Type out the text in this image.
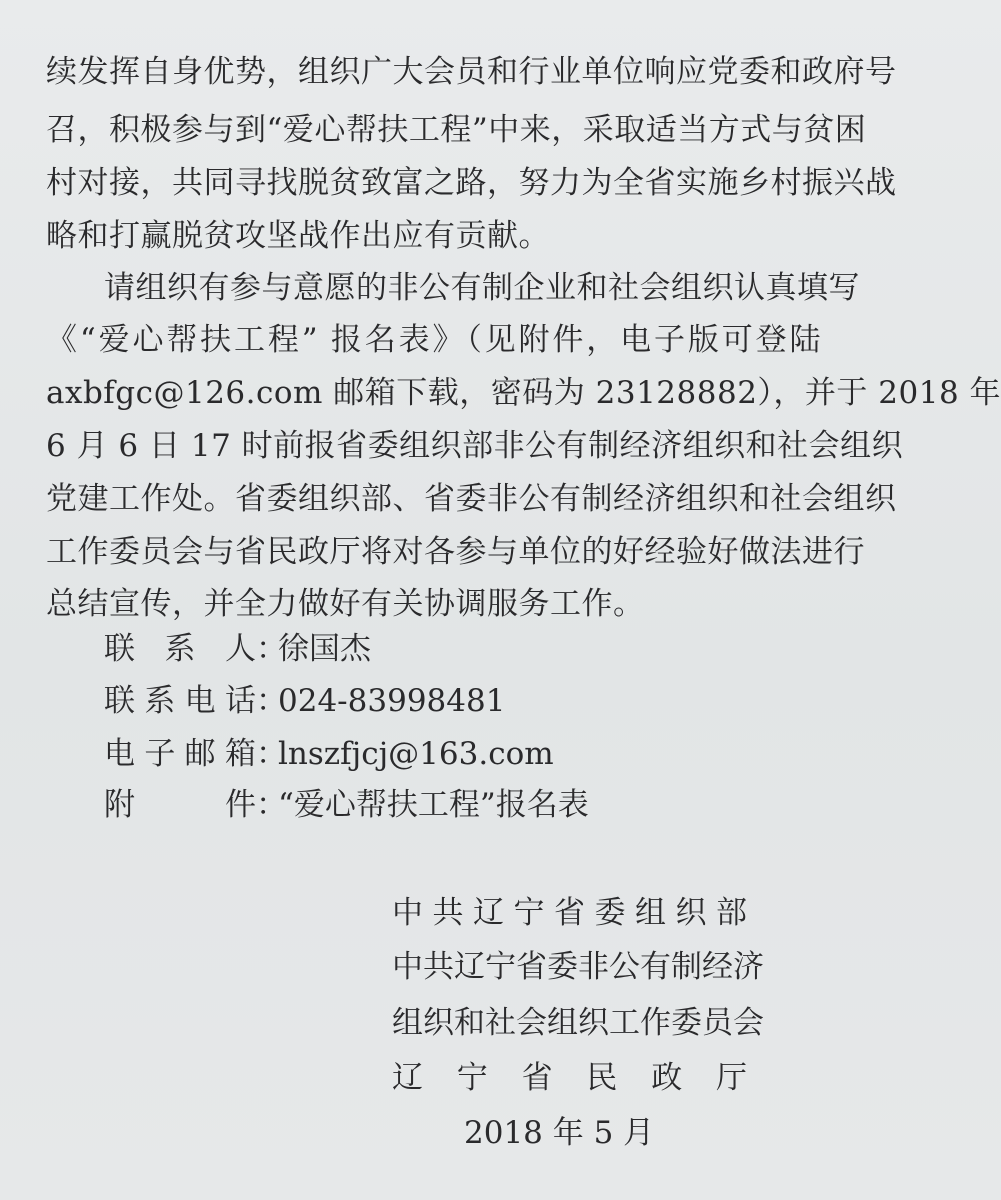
续发挥自身优势，组织广大会员和行业单位响应党委和政府号
召，积极参与到“爱心帮扶工程”中来，采取适当方式与贫困
村对接，共同寻找脱贫致富之路，努力为全省实施乡村振兴战
略和打赢脱贫攻坚战作出应有贡献。
请组织有参与意愿的非公有制企业和社会组织认真填写
《“爱心帮扶工程” 报名表》（见附件，电子版可登陆
axbfgc@126.com 邮箱下载，密码为 23128882），并于 2018 年
6 月 6 日 17 时前报省委组织部非公有制经济组织和社会组织
党建工作处。省委组织部、省委非公有制经济组织和社会组织
工作委员会与省民政厅将对各参与单位的好经验好做法进行
总结宣传，并全力做好有关协调服务工作。
联系人 ：
徐国杰
联系电话 ：
024-83998481
电子邮箱 ：
lnszfjcj@163.com
附件 ：
“爱心帮扶工程”报名表
中共辽宁省委组织部
中共辽宁省委非公有制经济
组织和社会组织工作委员会
辽宁省民政厅
2018 年 5 月
